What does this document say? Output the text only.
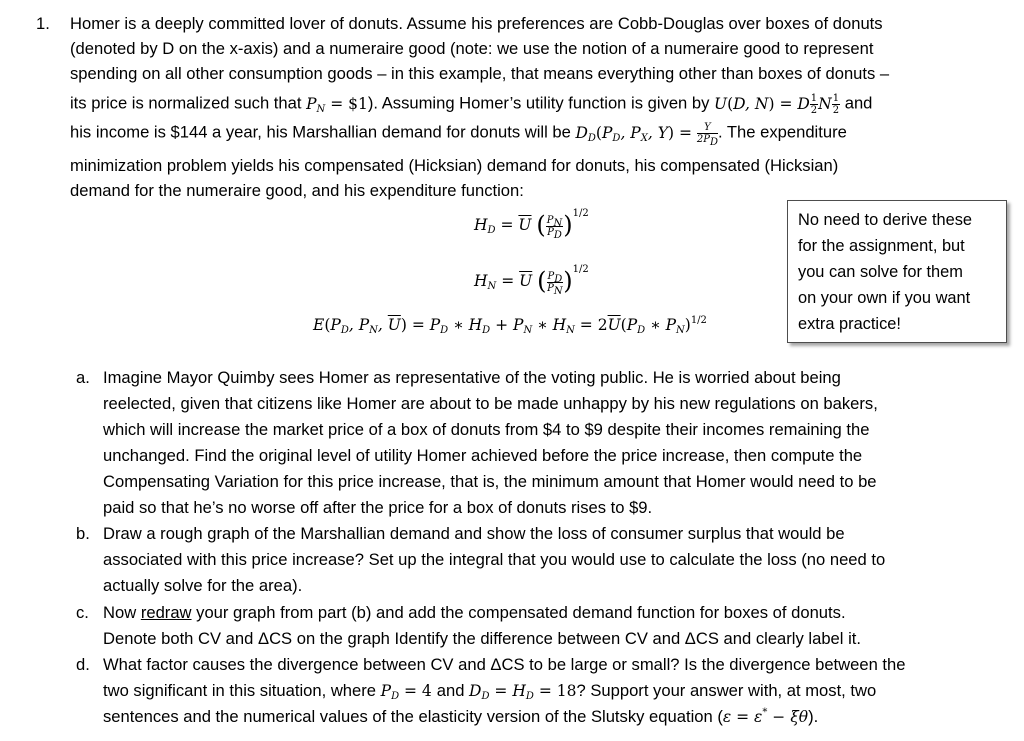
1. Homer is a deeply committed lover of donuts. Assume his preferences are Cobb-Douglas over boxes of donuts
(denoted by D on the x-axis) and a numeraire good (note: we use the notion of a numeraire good to represent
spending on all other consumption goods – in this example, that means everything other than boxes of donuts –
its price is normalized such that $P_N$ = $1). Assuming Homer’s utility function is given by U(D, N) = D $\frac{1}{2}$ N $\frac{1}{2}$ and
his income is $144 a year, his Marshallian demand for donuts will be $D_D(P_D$, $P_X$, $Y) = \frac{Y}{2P_D}$ . The expenditure
minimization problem yields his compensated (Hicksian) demand for donuts, his compensated (Hicksian)
demand for the numeraire good, and his expenditure function:
$H_D = \overline{U}$ ( $\frac{P_N}{P_D} )^{1/2}$
$H_N = \overline{U}$ ( $\frac{P_D}{P_N} )^{1/2}$
$E(P_D$, $P_N$, $\overline{U}) = P_D$ ∗ $H_D + P_N$ ∗ $H_N = 2\overline{U}(P_D$ ∗ $P_N)^{1/2}$
No need to derive these
for the assignment, but
you can solve for them
on your own if you want
extra practice!
a. Imagine Mayor Quimby sees Homer as representative of the voting public. He is worried about being
reelected, given that citizens like Homer are about to be made unhappy by his new regulations on bakers,
which will increase the market price of a box of donuts from $4 to $9 despite their incomes remaining the
unchanged. Find the original level of utility Homer achieved before the price increase, then compute the
Compensating Variation for this price increase, that is, the minimum amount that Homer would need to be
paid so that he’s no worse off after the price for a box of donuts rises to $9.
b. Draw a rough graph of the Marshallian demand and show the loss of consumer surplus that would be
associated with this price increase? Set up the integral that you would use to calculate the loss (no need to
actually solve for the area).
c. Now redraw your graph from part (b) and add the compensated demand function for boxes of donuts.
Denote both CV and ΔCS on the graph Identify the difference between CV and ΔCS and clearly label it.
d. What factor causes the divergence between CV and ΔCS to be large or small? Is the divergence between the
two significant in this situation, where $P_D = 4$ and $D_D = H_D = 18$? Support your answer with, at most, two
sentences and the numerical values of the elasticity version of the Slutsky equation (ε = ε* − ξθ).
